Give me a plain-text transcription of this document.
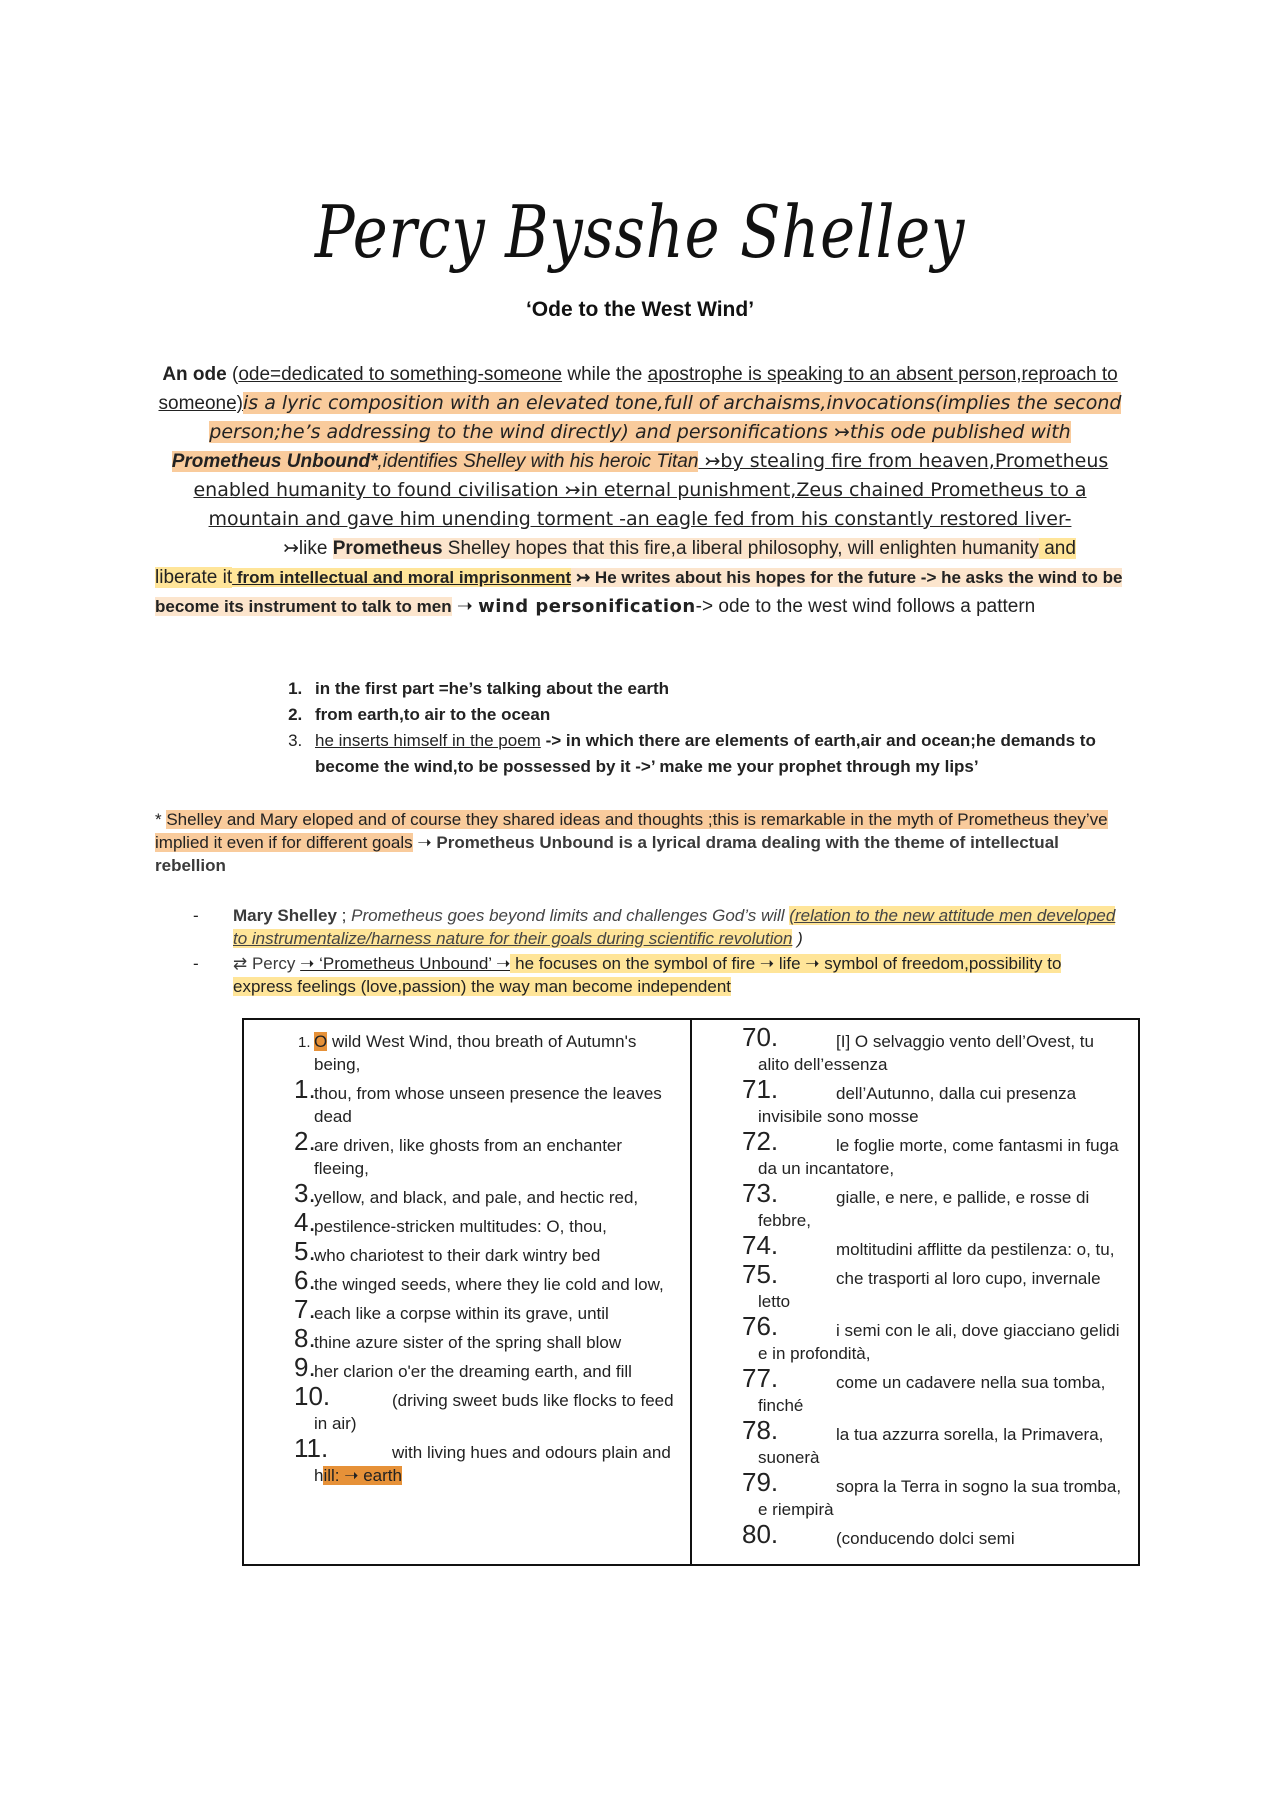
Percy Bysshe Shelley
‘Ode to the West Wind’
An ode (ode=dedicated to something-someone while the apostrophe is speaking to an absent person,reproach to someone)is a lyric composition with an elevated tone,full of archaisms,invocations(implies the second person;he’s addressing to the wind directly) and personifications ↣this ode published with Prometheus Unbound*,identifies Shelley with his heroic Titan ↣by stealing fire from heaven,Prometheus enabled humanity to found civilisation ↣in eternal punishment,Zeus chained Prometheus to a mountain and gave him unending torment -an eagle fed from his constantly restored liver-
↣like Prometheus Shelley hopes that this fire,a liberal philosophy, will enlighten humanity and liberate it from intellectual and moral imprisonment ↣ He writes about his hopes for the future -> he asks the wind to be become its instrument to talk to men ➝ wind personification-> ode to the west wind follows a pattern
1. in the first part =he’s talking about the earth
2. from earth,to air to the ocean
3. he inserts himself in the poem -> in which there are elements of earth,air and ocean;he demands to become the wind,to be possessed by it ->’ make me your prophet through my lips’
* Shelley and Mary eloped and of course they shared ideas and thoughts ;this is remarkable in the myth of Prometheus they’ve implied it even if for different goals ➝ Prometheus Unbound is a lyrical drama dealing with the theme of intellectual rebellion
- Mary Shelley ; Prometheus goes beyond limits and challenges God’s will (relation to the new attitude men developed to instrumentalize/harness nature for their goals during scientific revolution )
- ⇄ Percy ➝ ‘Prometheus Unbound’ ➝ he focuses on the symbol of fire ➝ life ➝ symbol of freedom,possibility to express feelings (love,passion) the way man become independent
1. O wild West Wind, thou breath of Autumn's being,
1.
thou, from whose unseen presence the leaves dead
2.
are driven, like ghosts from an enchanter fleeing,
3.
yellow, and black, and pale, and hectic red,
4.
pestilence-stricken multitudes: O, thou,
5.
who chariotest to their dark wintry bed
6.
the winged seeds, where they lie cold and low,
7.
each like a corpse within its grave, until
8.
thine azure sister of the spring shall blow
9.
her clarion o'er the dreaming earth, and fill
10.	(driving sweet buds like flocks to feed in air)
11.	with living hues and odours plain and hill: ➝ earth

70.	[I] O selvaggio vento dell’Ovest, tu alito dell’essenza
71.	dell’Autunno, dalla cui presenza invisibile sono mosse
72.	le foglie morte, come fantasmi in fuga da un incantatore,
73.	gialle, e nere, e pallide, e rosse di febbre,
74.	moltitudini afflitte da pestilenza: o, tu,
75.	che trasporti al loro cupo, invernale letto
76.	i semi con le ali, dove giacciano gelidi e in profondità,
77.	come un cadavere nella sua tomba, finché
78.	la tua azzurra sorella, la Primavera, suonerà
79.	sopra la Terra in sogno la sua tromba, e riempirà
80.	(conducendo dolci semi
